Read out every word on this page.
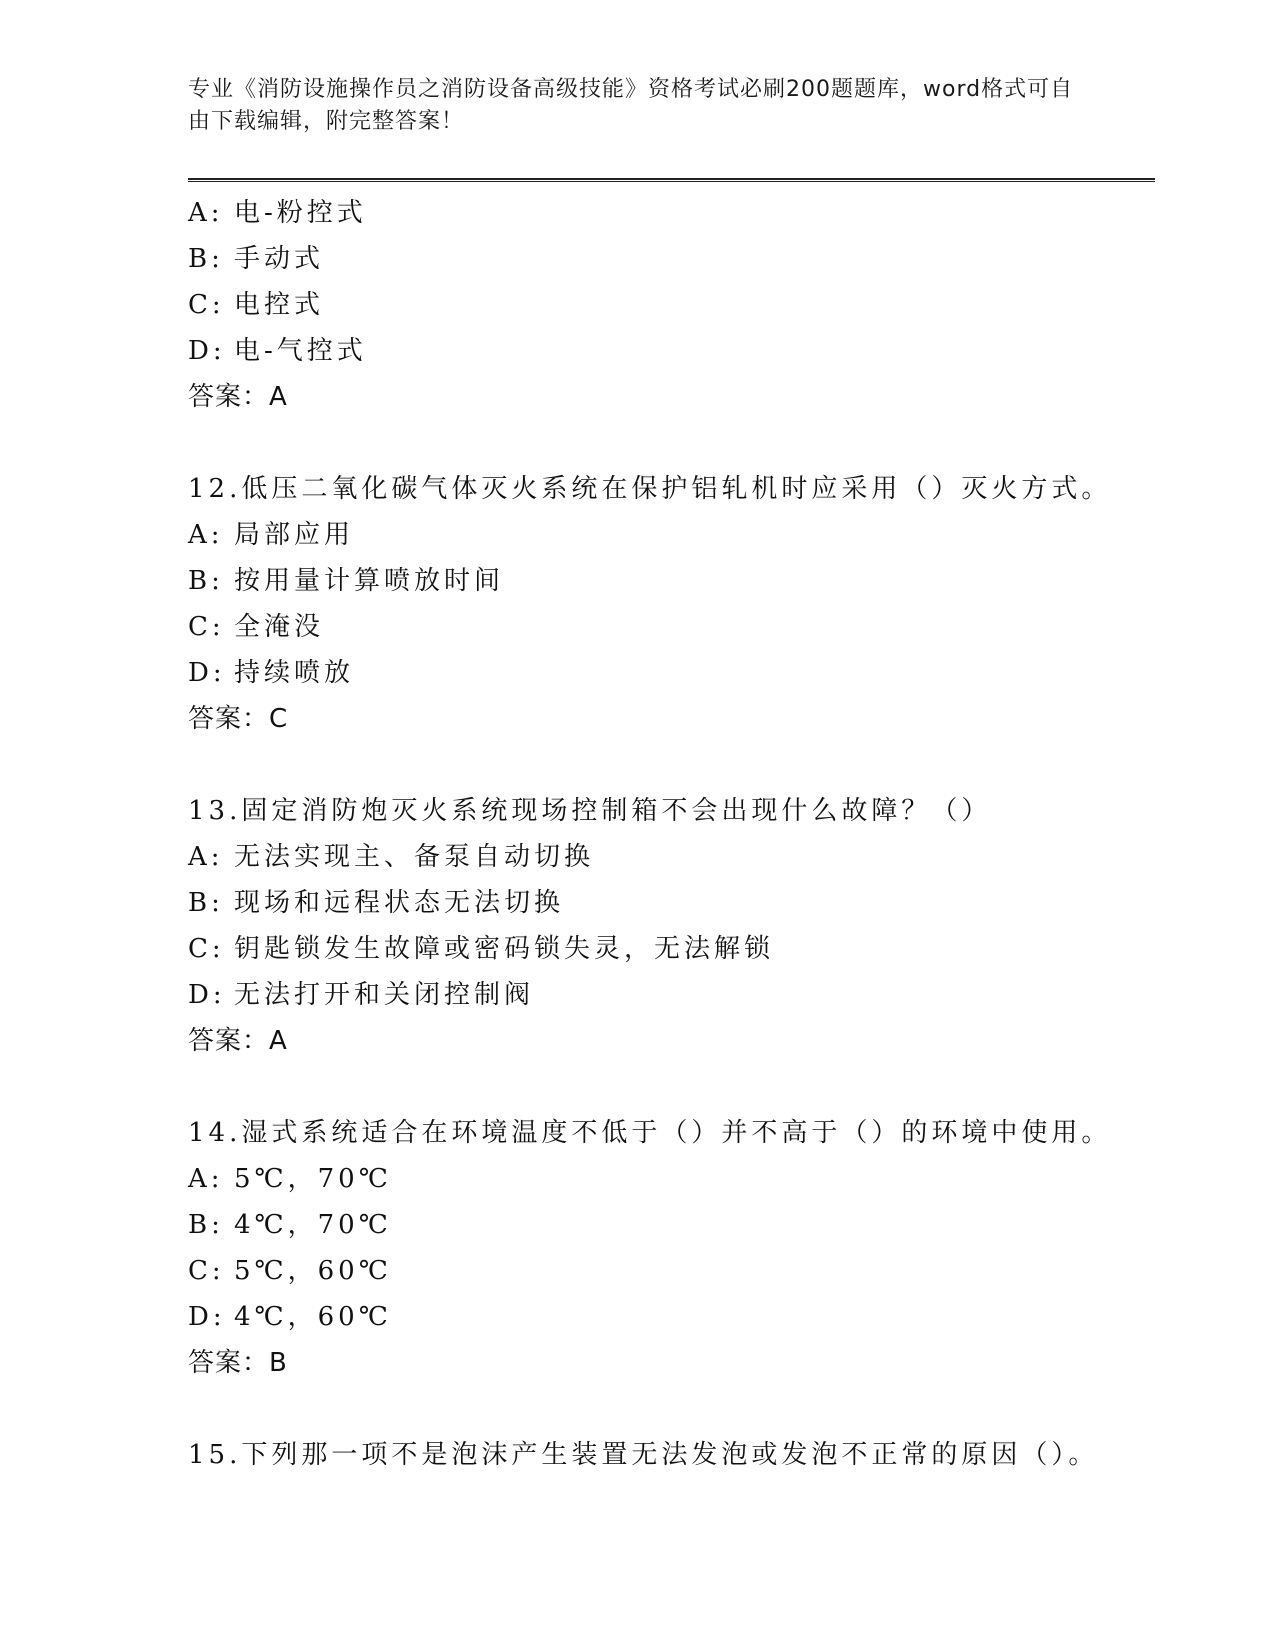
专业《消防设施操作员之消防设备高级技能》资格考试必刷200题题库，word格式可自由下载编辑，附完整答案！
A: 电-粉控式
B: 手动式
C: 电控式
D: 电-气控式
答案：A
12.低压二氧化碳气体灭火系统在保护铝轧机时应采用（）灭火方式。
A: 局部应用
B: 按用量计算喷放时间
C: 全淹没
D: 持续喷放
答案：C
13.固定消防炮灭火系统现场控制箱不会出现什么故障？（）
A: 无法实现主、备泵自动切换
B: 现场和远程状态无法切换
C: 钥匙锁发生故障或密码锁失灵，无法解锁
D: 无法打开和关闭控制阀
答案：A
14.湿式系统适合在环境温度不低于（）并不高于（）的环境中使用。
A: 5℃，70℃
B: 4℃，70℃
C: 5℃，60℃
D: 4℃，60℃
答案：B
15.下列那一项不是泡沫产生装置无法发泡或发泡不正常的原因（）。
